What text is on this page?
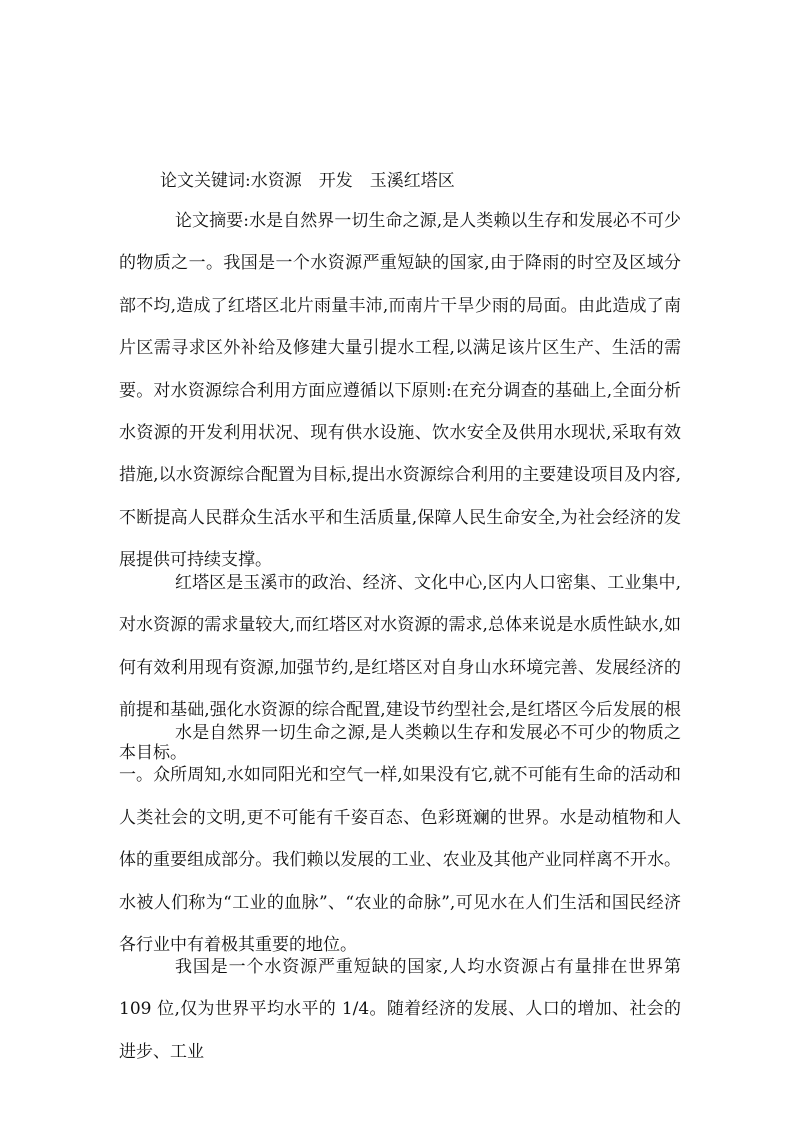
论文关键词:水资源　开发　玉溪红塔区

论文摘要:水是自然界一切生命之源,是人类赖以生存和发展必不可少的物质之一。我国是一个水资源严重短缺的国家,由于降雨的时空及区域分部不均,造成了红塔区北片雨量丰沛,而南片干旱少雨的局面。由此造成了南片区需寻求区外补给及修建大量引提水工程,以满足该片区生产、生活的需要。对水资源综合利用方面应遵循以下原则:在充分调查的基础上,全面分析水资源的开发利用状况、现有供水设施、饮水安全及供用水现状,采取有效措施,以水资源综合配置为目标,提出水资源综合利用的主要建设项目及内容,不断提高人民群众生活水平和生活质量,保障人民生命安全,为社会经济的发展提供可持续支撑。

红塔区是玉溪市的政治、经济、文化中心,区内人口密集、工业集中,对水资源的需求量较大,而红塔区对水资源的需求,总体来说是水质性缺水,如何有效利用现有资源,加强节约,是红塔区对自身山水环境完善、发展经济的前提和基础,强化水资源的综合配置,建设节约型社会,是红塔区今后发展的根本目标。

水是自然界一切生命之源,是人类赖以生存和发展必不可少的物质之一。众所周知,水如同阳光和空气一样,如果没有它,就不可能有生命的活动和人类社会的文明,更不可能有千姿百态、色彩斑斓的世界。水是动植物和人体的重要组成部分。我们赖以发展的工业、农业及其他产业同样离不开水。水被人们称为“工业的血脉”、“农业的命脉”,可见水在人们生活和国民经济各行业中有着极其重要的地位。

我国是一个水资源严重短缺的国家,人均水资源占有量排在世界第 109 位,仅为世界平均水平的 1/4。随着经济的发展、人口的增加、社会的进步、工业
